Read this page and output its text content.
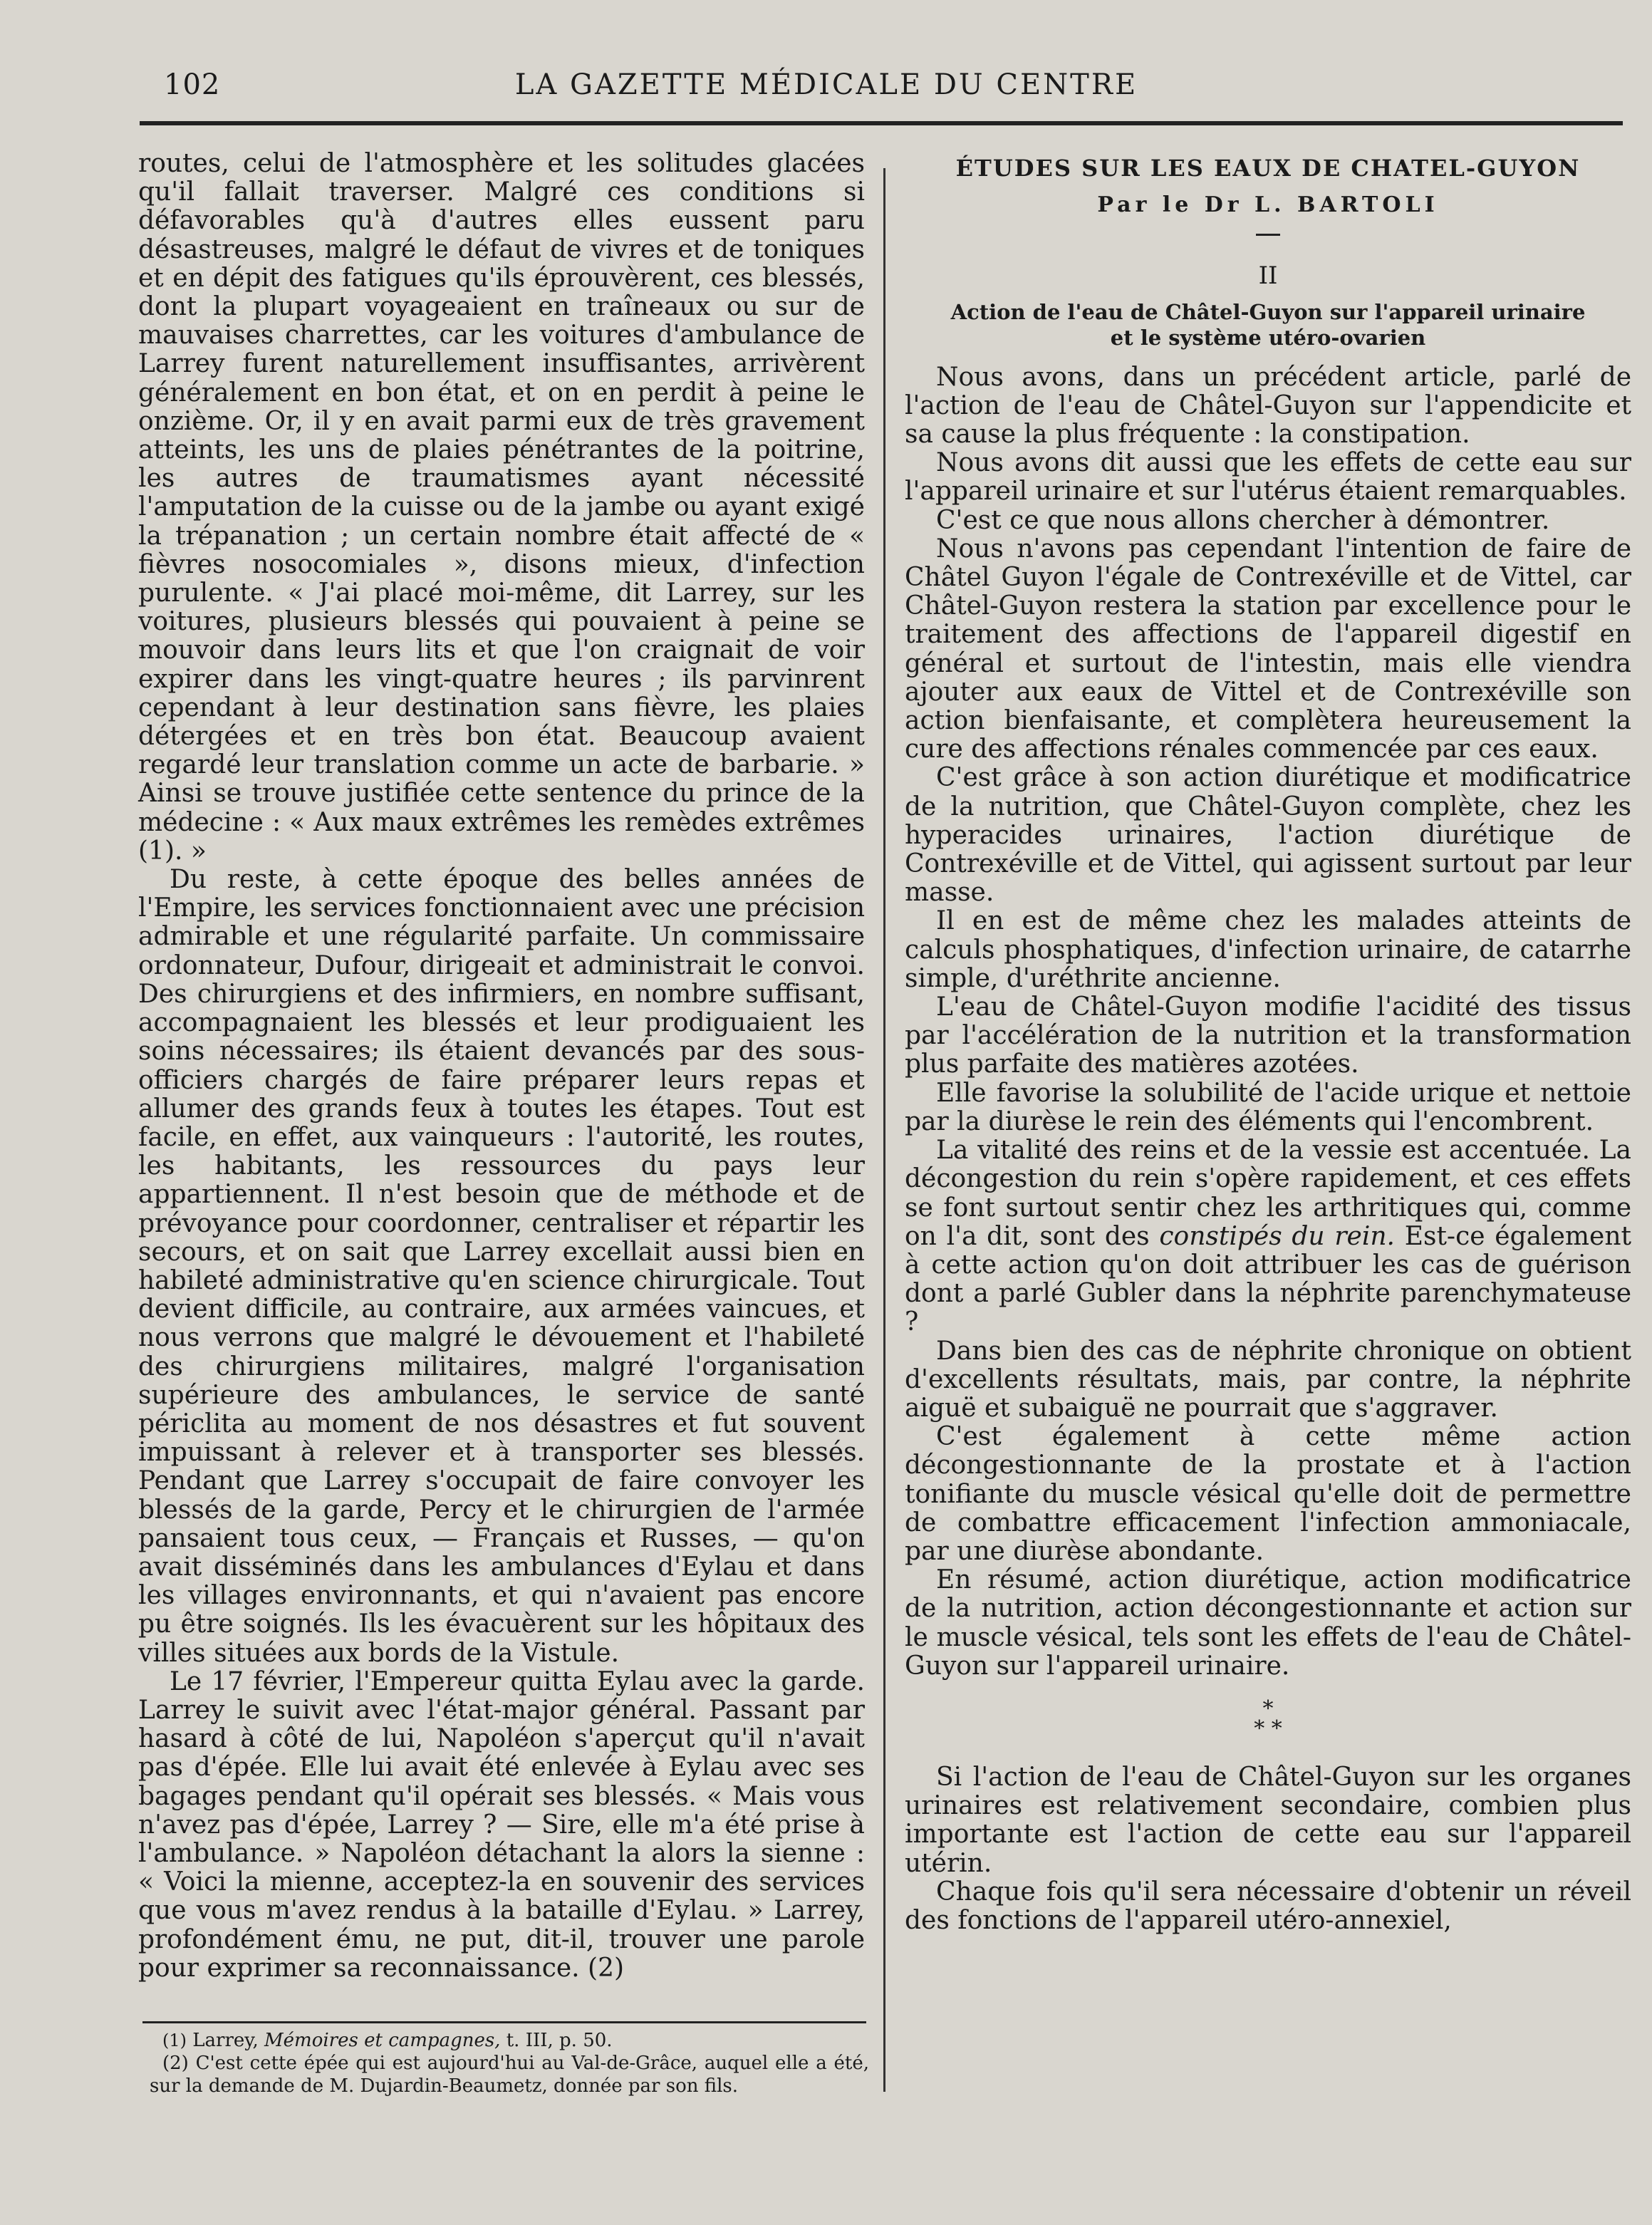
102	LA GAZETTE MÉDICALE DU CENTRE

routes, celui de l'atmosphère et les solitudes glacées qu'il fallait traverser. Malgré ces conditions si défavorables qu'à d'autres elles eussent paru désastreuses, malgré le défaut de vivres et de toniques et en dépit des fatigues qu'ils éprouvèrent, ces blessés, dont la plupart voyageaient en traîneaux ou sur de mauvaises charrettes, car les voitures d'ambulance de Larrey furent naturellement insuffisantes, arrivèrent généralement en bon état, et on en perdit à peine le onzième. Or, il y en avait parmi eux de très gravement atteints, les uns de plaies pénétrantes de la poitrine, les autres de traumatismes ayant nécessité l'amputation de la cuisse ou de la jambe ou ayant exigé la trépanation ; un certain nombre était affecté de « fièvres nosocomiales », disons mieux, d'infection purulente. « J'ai placé moi-même, dit Larrey, sur les voitures, plusieurs blessés qui pouvaient à peine se mouvoir dans leurs lits et que l'on craignait de voir expirer dans les vingt-quatre heures ; ils parvinrent cependant à leur destination sans fièvre, les plaies détergées et en très bon état. Beaucoup avaient regardé leur translation comme un acte de barbarie. » Ainsi se trouve justifiée cette sentence du prince de la médecine : « Aux maux extrêmes les remèdes extrêmes (1). »

Du reste, à cette époque des belles années de l'Empire, les services fonctionnaient avec une précision admirable et une régularité parfaite. Un commissaire ordonnateur, Dufour, dirigeait et administrait le convoi. Des chirurgiens et des infirmiers, en nombre suffisant, accompagnaient les blessés et leur prodiguaient les soins nécessaires; ils étaient devancés par des sous-officiers chargés de faire préparer leurs repas et allumer des grands feux à toutes les étapes. Tout est facile, en effet, aux vainqueurs : l'autorité, les routes, les habitants, les ressources du pays leur appartiennent. Il n'est besoin que de méthode et de prévoyance pour coordonner, centraliser et répartir les secours, et on sait que Larrey excellait aussi bien en habileté administrative qu'en science chirurgicale. Tout devient difficile, au contraire, aux armées vaincues, et nous verrons que malgré le dévouement et l'habileté des chirurgiens militaires, malgré l'organisation supérieure des ambulances, le service de santé périclita au moment de nos désastres et fut souvent impuissant à relever et à transporter ses blessés. Pendant que Larrey s'occupait de faire convoyer les blessés de la garde, Percy et le chirurgien de l'armée pansaient tous ceux, — Français et Russes, — qu'on avait disséminés dans les ambulances d'Eylau et dans les villages environnants, et qui n'avaient pas encore pu être soignés. Ils les évacuèrent sur les hôpitaux des villes situées aux bords de la Vistule.

Le 17 février, l'Empereur quitta Eylau avec la garde. Larrey le suivit avec l'état-major général. Passant par hasard à côté de lui, Napoléon s'aperçut qu'il n'avait pas d'épée. Elle lui avait été enlevée à Eylau avec ses bagages pendant qu'il opérait ses blessés. « Mais vous n'avez pas d'épée, Larrey ? — Sire, elle m'a été prise à l'ambulance. » Napoléon détachant la alors la sienne : « Voici la mienne, acceptez-la en souvenir des services que vous m'avez rendus à la bataille d'Eylau. » Larrey, profondément ému, ne put, dit-il, trouver une parole pour exprimer sa reconnaissance. (2)

(1) Larrey, Mémoires et campagnes, t. III, p. 50.

(2) C'est cette épée qui est aujourd'hui au Val-de-Grâce, auquel elle a été, sur la demande de M. Dujardin-Beaumetz, donnée par son fils.

ÉTUDES SUR LES EAUX DE CHATEL-GUYON
Par le Dr L. BARTOLI
II
Action de l'eau de Châtel-Guyon sur l'appareil urinaire
et le système utéro-ovarien

Nous avons, dans un précédent article, parlé de l'action de l'eau de Châtel-Guyon sur l'appendicite et sa cause la plus fréquente : la constipation.

Nous avons dit aussi que les effets de cette eau sur l'appareil urinaire et sur l'utérus étaient remarquables.

C'est ce que nous allons chercher à démontrer.

Nous n'avons pas cependant l'intention de faire de Châtel Guyon l'égale de Contrexéville et de Vittel, car Châtel-Guyon restera la station par excellence pour le traitement des affections de l'appareil digestif en général et surtout de l'intestin, mais elle viendra ajouter aux eaux de Vittel et de Contrexéville son action bienfaisante, et complètera heureusement la cure des affections rénales commencée par ces eaux.

C'est grâce à son action diurétique et modificatrice de la nutrition, que Châtel-Guyon complète, chez les hyperacides urinaires, l'action diurétique de Contrexéville et de Vittel, qui agissent surtout par leur masse.

Il en est de même chez les malades atteints de calculs phosphatiques, d'infection urinaire, de catarrhe simple, d'uréthrite ancienne.

L'eau de Châtel-Guyon modifie l'acidité des tissus par l'accélération de la nutrition et la transformation plus parfaite des matières azotées.

Elle favorise la solubilité de l'acide urique et nettoie par la diurèse le rein des éléments qui l'encombrent.

La vitalité des reins et de la vessie est accentuée. La décongestion du rein s'opère rapidement, et ces effets se font surtout sentir chez les arthritiques qui, comme on l'a dit, sont des constipés du rein. Est-ce également à cette action qu'on doit attribuer les cas de guérison dont a parlé Gubler dans la néphrite parenchymateuse ?

Dans bien des cas de néphrite chronique on obtient d'excellents résultats, mais, par contre, la néphrite aiguë et subaiguë ne pourrait que s'aggraver.

C'est également à cette même action décongestionnante de la prostate et à l'action tonifiante du muscle vésical qu'elle doit de permettre de combattre efficacement l'infection ammoniacale, par une diurèse abondante.

En résumé, action diurétique, action modificatrice de la nutrition, action décongestionnante et action sur le muscle vésical, tels sont les effets de l'eau de Châtel-Guyon sur l'appareil urinaire.

*
* *

Si l'action de l'eau de Châtel-Guyon sur les organes urinaires est relativement secondaire, combien plus importante est l'action de cette eau sur l'appareil utérin.

Chaque fois qu'il sera nécessaire d'obtenir un réveil des fonctions de l'appareil utéro-annexiel,
